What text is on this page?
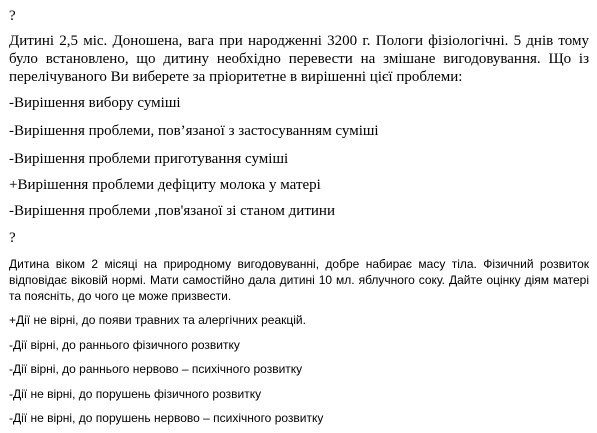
?
Дитині 2,5 міс. Доношена, вага при народженні 3200 г. Пологи фізіологічні. 5 днів тому
було встановлено, що дитину необхідно перевести на змішане вигодовування. Що із
перелічуваного Ви виберете за пріоритетне в вирішенні цієї проблеми:
-Вирішення вибору суміші
-Вирішення проблеми, пов’язаної з застосуванням суміші
-Вирішення проблеми приготування суміші
+Вирішення проблеми дефіциту молока у матері
-Вирішення проблеми ,пов'язаної зі станом дитини
?
Дитина віком 2 місяці на природному вигодовуванні, добре набирає масу тіла. Фізичний розвиток
відповідає віковій нормі. Мати самостійно дала дитині 10 мл. яблучного соку. Дайте оцінку діям матері
та поясніть, до чого це може призвести.
+Дії не вірні, до появи травних та алергічних реакцій.
-Дії вірні, до раннього фізичного розвитку
-Дії вірні, до раннього нервово – психічного розвитку
-Дії не вірні, до порушень фізичного розвитку
-Дії не вірні, до порушень нервово – психічного розвитку
